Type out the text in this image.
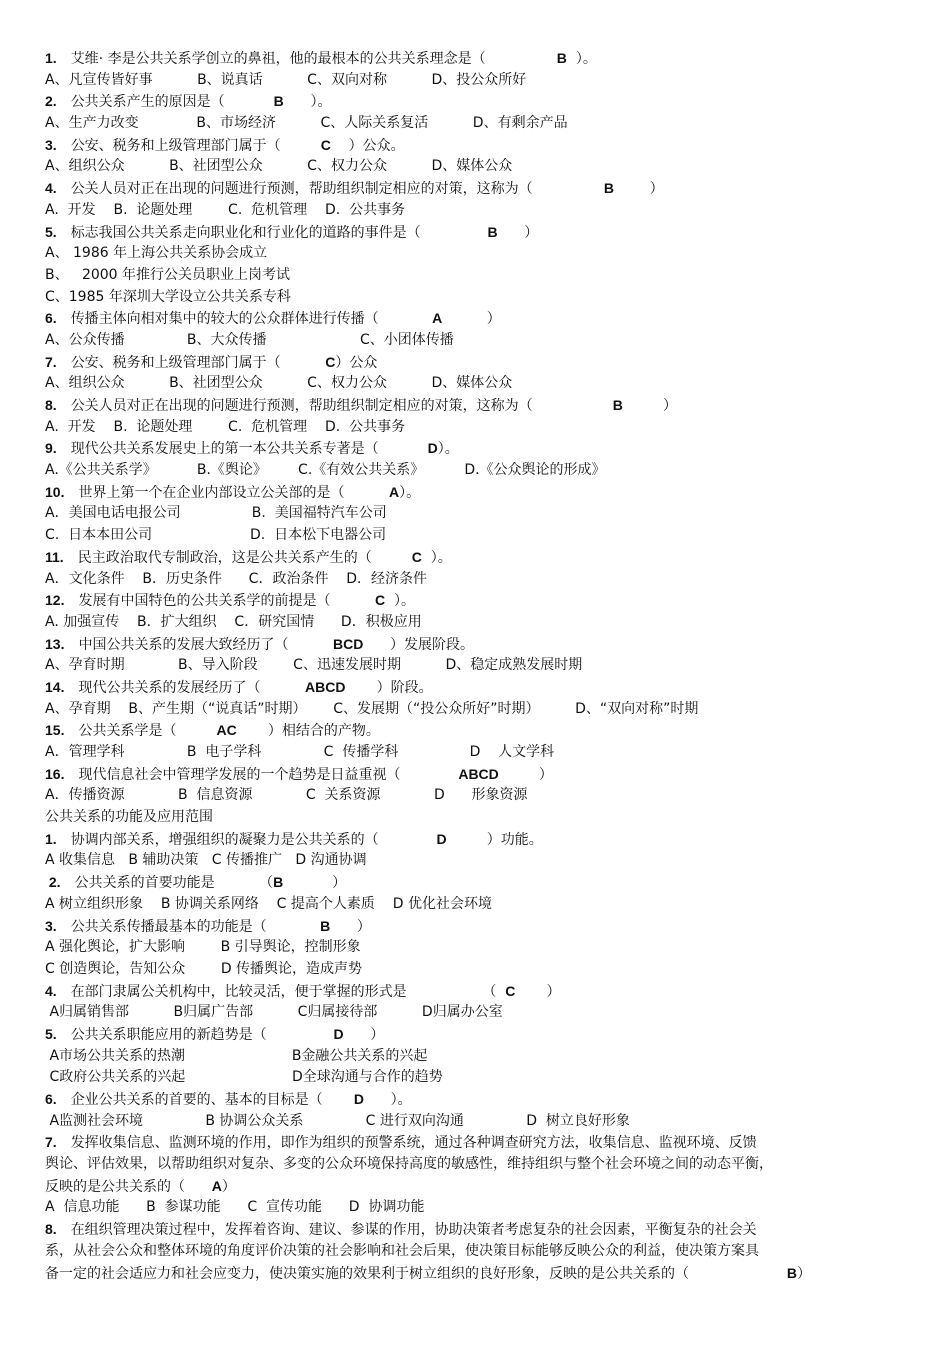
1. 艾维· 李是公共关系学创立的鼻祖，他的最根本的公共关系理念是（                B  ）。
A、凡宣传皆好事          B、说真话          C、双向对称          D、投公众所好
2. 公共关系产生的原因是（           B      ）。
A、生产力改变             B、市场经济          C、人际关系复活          D、有剩余产品
3. 公安、税务和上级管理部门属于（         C    ）公众。
A、组织公众          B、社团型公众          C、权力公众          D、媒体公众
4. 公关人员对正在出现的问题进行预测，帮助组织制定相应的对策，这称为（                B        ）
A.  开发    B.  论题处理        C.  危机管理    D.  公共事务
5. 标志我国公共关系走向职业化和行业化的道路的事件是（               B      ）
A、 1986 年上海公共关系协会成立
B、   2000 年推行公关员职业上岗考试
C、1985 年深圳大学设立公共关系专科
6. 传播主体向相对集中的较大的公众群体进行传播（            A          ）
A、公众传播              B、大众传播                     C、小团体传播
7. 公安、税务和上级管理部门属于（          C）公众
A、组织公众          B、社团型公众          C、权力公众          D、媒体公众
8. 公关人员对正在出现的问题进行预测，帮助组织制定相应的对策，这称为（                  B         ）
A.  开发    B.  论题处理        C.  危机管理    D.  公共事务
9. 现代公共关系发展史上的第一本公共关系专著是（           D）。
A.《公共关系学》         B.《舆论》       C.《有效公共关系》         D.《公众舆论的形成》
10. 世界上第一个在企业内部设立公关部的是（          A）。
A．美国电话电报公司                B.  美国福特汽车公司
C.  日本本田公司                      D.  日本松下电器公司
11. 民主政治取代专制政治，这是公共关系产生的（         C  ）。
A．文化条件    B．历史条件      C．政治条件    D．经济条件
12. 发展有中国特色的公共关系学的前提是（          C  ）。
A. 加强宣传    B．扩大组织    C．研究国情      D．积极应用
13. 中国公共关系的发展大致经历了（          BCD      ）发展阶段。
A、孕育时期            B、导入阶段        C、迅速发展时期          D、稳定成熟发展时期
14. 现代公共关系的发展经历了（          ABCD       ）阶段。
A、孕育期    B、产生期（“说真话”时期）      C、发展期（“投公众所好”时期）        D、“双向对称”时期
15. 公共关系学是（         AC       ）相结合的产物。
A．管理学科              B  电子学科              C  传播学科                D    人文学科
16. 现代信息社会中管理学发展的一个趋势是日益重视（             ABCD         ）
A．传播资源            B  信息资源            C  关系资源            D      形象资源
公共关系的功能及应用范围
1. 协调内部关系，增强组织的凝聚力是公共关系的（             D         ）功能。
A 收集信息   B 辅助决策   C 传播推广   D 沟通协调
2. 公共关系的首要功能是          （B           ）
A 树立组织形象    B 协调关系网络    C 提高个人素质    D 优化社会环境
3. 公共关系传播最基本的功能是（            B      ）
A 强化舆论，扩大影响        B 引导舆论，控制形象
C 创造舆论，告知公众        D 传播舆论，造成声势
4. 在部门隶属公关机构中，比较灵活，便于掌握的形式是                 （  C       ）
A归属销售部          B归属广告部          C归属接待部          D归属办公室
5. 公共关系职能应用的新趋势是（               D      ）
A市场公共关系的热潮                        B金融公共关系的兴起
C政府公共关系的兴起                        D全球沟通与合作的趋势
6. 企业公共关系的首要的、基本的目标是（       D      ）。
A监测社会环境              B 协调公众关系              C 进行双向沟通              D  树立良好形象
7. 发挥收集信息、监测环境的作用，即作为组织的预警系统，通过各种调查研究方法，收集信息、监视环境、反馈
舆论、评估效果，以帮助组织对复杂、多变的公众环境保持高度的敏感性，维持组织与整个社会环境之间的动态平衡，
反映的是公共关系的（      A）
A  信息功能      B  参谋功能      C  宣传功能      D  协调功能
8. 在组织管理决策过程中，发挥着咨询、建议、参谋的作用，协助决策者考虑复杂的社会因素，平衡复杂的社会关
系，从社会公众和整体环境的角度评价决策的社会影响和社会后果，使决策目标能够反映公众的利益，使决策方案具
备一定的社会适应力和社会应变力，使决策实施的效果利于树立组织的良好形象，反映的是公共关系的（                      B）
